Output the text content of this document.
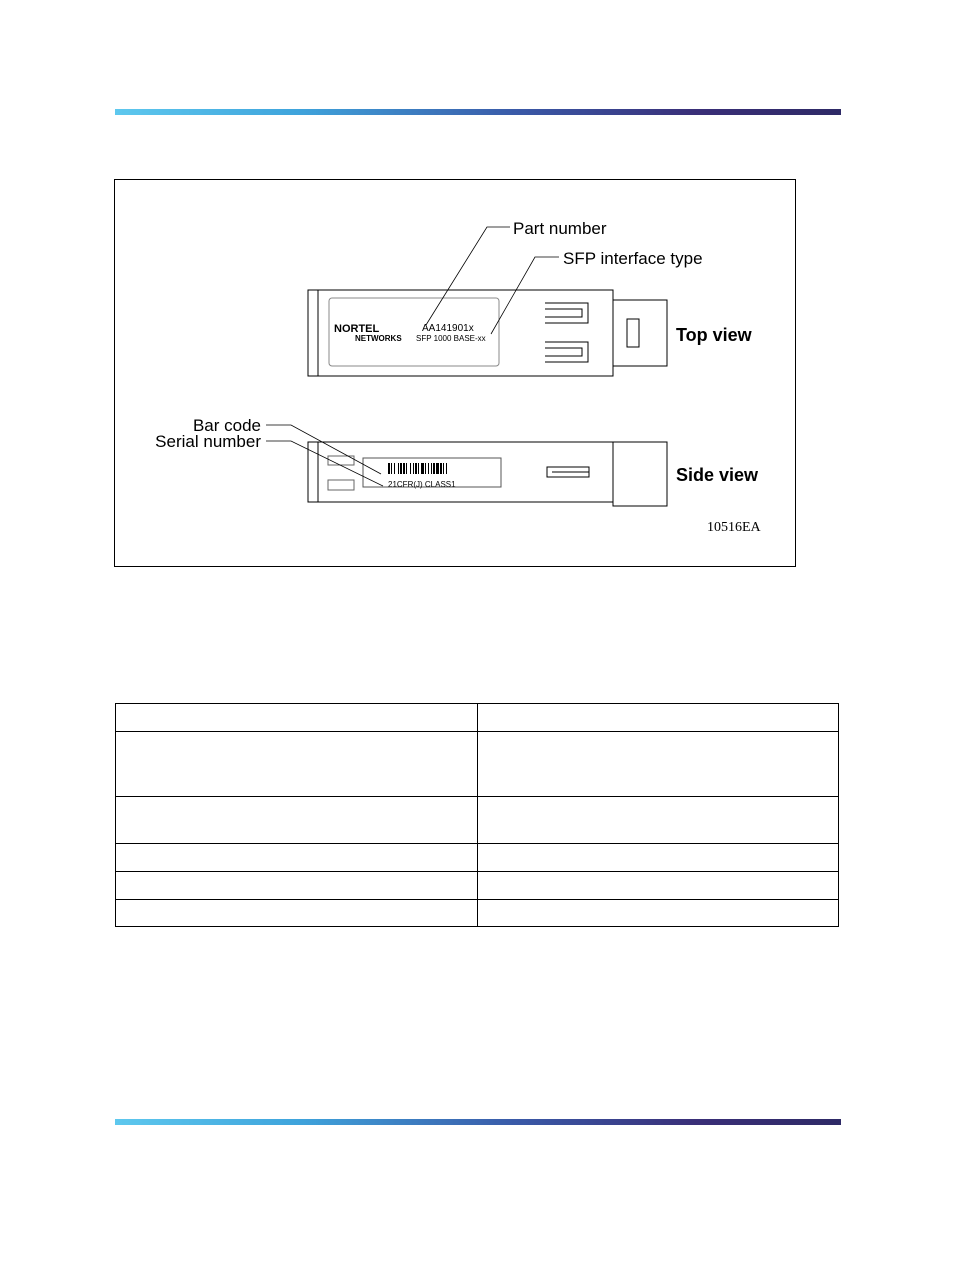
NORTEL
NETWORKS
AA141901x
SFP 1000 BASE-xx
Part number
SFP interface type
Top view
21CFR(J) CLASS1
Bar code
Serial number
Side view
10516EA
